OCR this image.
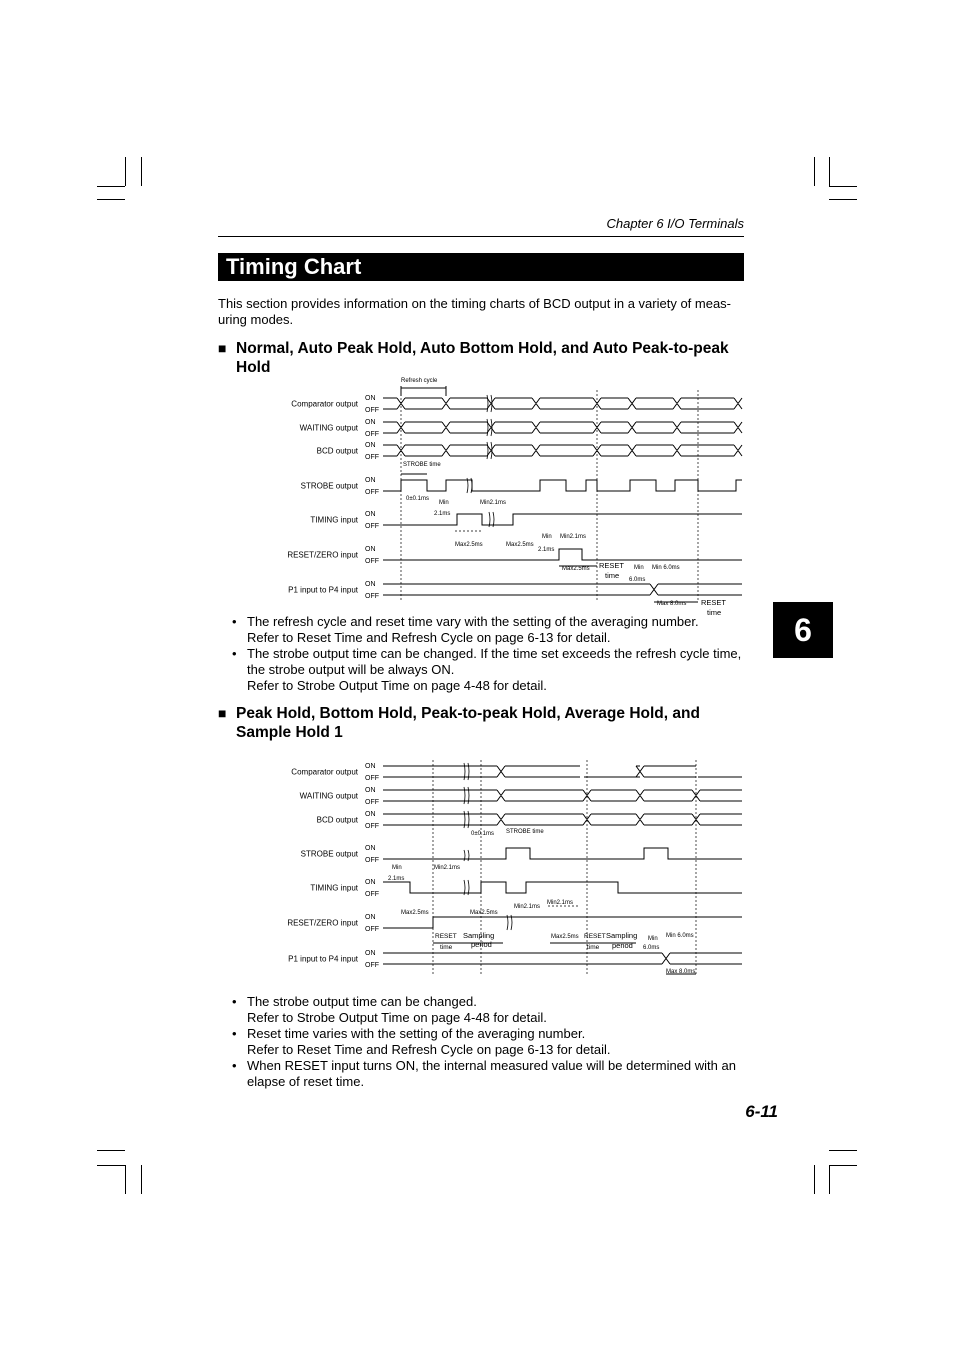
Chapter 6 I/O Terminals
Timing Chart
This section provides information on the timing charts of BCD output in a variety of meas-uring modes.
■ Normal, Auto Peak Hold, Auto Bottom Hold, and Auto Peak-to-peak Hold
Comparator output
ON
OFF
WAITING output
ON
OFF
BCD output
ON
OFF
STROBE output
ON
OFF
TIMING input
ON
OFF
RESET/ZERO input
ON
OFF
P1 input to P4 input
ON
OFF
Refresh cycle
STROBE time
0±0.1ms
Min
2.1ms
Min2.1ms
Max2.5ms	Max2.5ms
Min
2.1ms
Min2.1ms
Max2.5ms RESET
time
Min
6.0ms
Min 6.0ms
Max 8.0ms RESET
time
• The refresh cycle and reset time vary with the setting of the averaging number.
Refer to Reset Time and Refresh Cycle on page 6-13 for detail.
• The strobe output time can be changed. If the time set exceeds the refresh cycle time, the strobe output will be always ON.
Refer to Strobe Output Time on page 4-48 for detail.
■ Peak Hold, Bottom Hold, Peak-to-peak Hold, Average Hold, and Sample Hold 1
Comparator output
ON
OFF
WAITING output
ON
OFF
BCD output
ON
OFF
STROBE output
ON
OFF
TIMING input
ON
OFF
RESET/ZERO input
ON
OFF
P1 input to P4 input
ON
OFF
0±0.1ms STROBE time
Min
2.1ms
Min2.1ms
Max2.5ms	Max2.5ms
Min2.1ms
Min2.1ms
RESET
time
Sampling
period
Max2.5ms RESET
time
Sampling
period
Min
6.0ms
Min 6.0ms
Max 8.0ms
• The strobe output time can be changed.
Refer to Strobe Output Time on page 4-48 for detail.
• Reset time varies with the setting of the averaging number.
Refer to Reset Time and Refresh Cycle on page 6-13 for detail.
• When RESET input turns ON, the internal measured value will be determined with an elapse of reset time.
6
6-11
